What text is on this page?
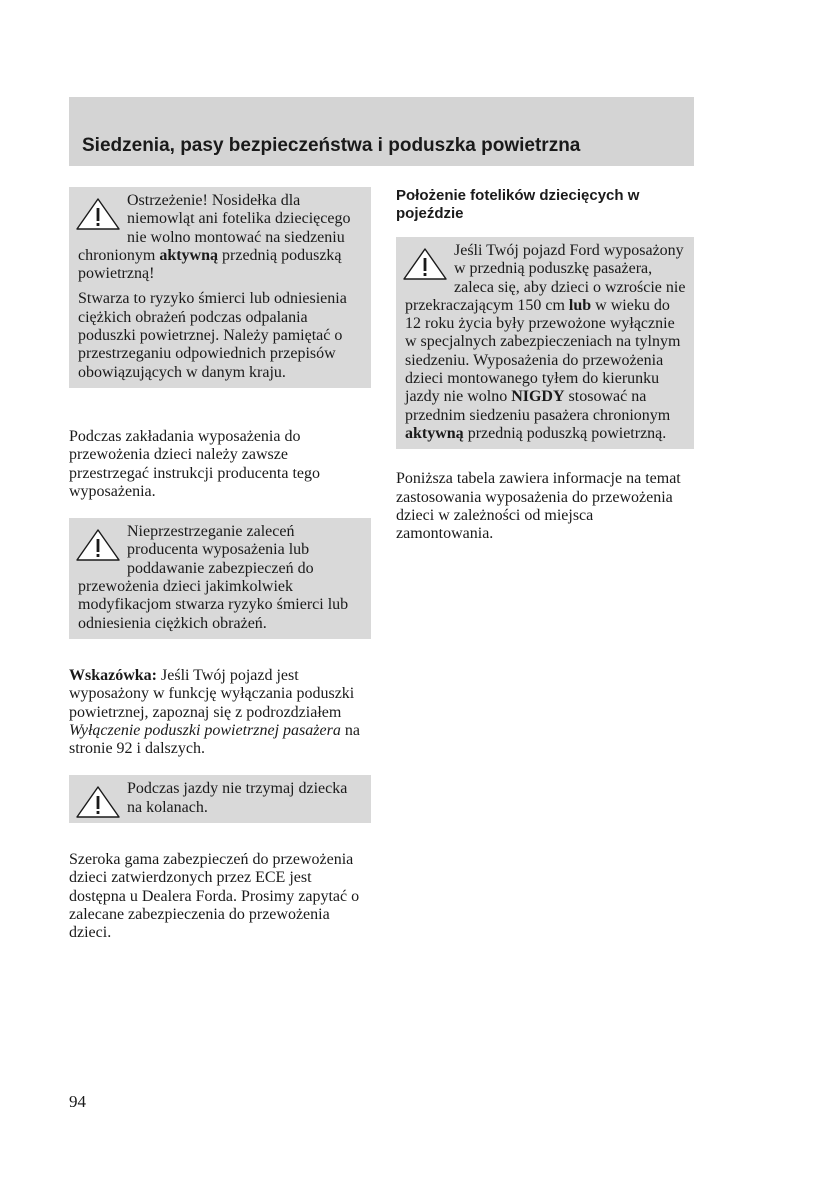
Siedzenia, pasy bezpieczeństwa i poduszka powietrzna

Ostrzeżenie! Nosidełka dla niemowląt ani fotelika dziecięcego nie wolno montować na siedzeniu chronionym aktywną przednią poduszką powietrzną!

Stwarza to ryzyko śmierci lub odniesienia ciężkich obrażeń podczas odpalania poduszki powietrznej. Należy pamiętać o przestrzeganiu odpowiednich przepisów obowiązujących w danym kraju.

Podczas zakładania wyposażenia do przewożenia dzieci należy zawsze przestrzegać instrukcji producenta tego wyposażenia.

Nieprzestrzeganie zaleceń producenta wyposażenia lub poddawanie zabezpieczeń do przewożenia dzieci jakimkolwiek modyfikacjom stwarza ryzyko śmierci lub odniesienia ciężkich obrażeń.

Wskazówka: Jeśli Twój pojazd jest wyposażony w funkcję wyłączania poduszki powietrznej, zapoznaj się z podrozdziałem Wyłączenie poduszki powietrznej pasażera na stronie 92 i dalszych.

Podczas jazdy nie trzymaj dziecka na kolanach.

Szeroka gama zabezpieczeń do przewożenia dzieci zatwierdzonych przez ECE jest dostępna u Dealera Forda. Prosimy zapytać o zalecane zabezpieczenia do przewożenia dzieci.

Położenie fotelików dziecięcych w pojeździe

Jeśli Twój pojazd Ford wyposażony w przednią poduszkę pasażera, zaleca się, aby dzieci o wzroście nie przekraczającym 150 cm lub w wieku do 12 roku życia były przewożone wyłącznie w specjalnych zabezpieczeniach na tylnym siedzeniu. Wyposażenia do przewożenia dzieci montowanego tyłem do kierunku jazdy nie wolno NIGDY stosować na przednim siedzeniu pasażera chronionym aktywną przednią poduszką powietrzną.

Poniższa tabela zawiera informacje na temat zastosowania wyposażenia do przewożenia dzieci w zależności od miejsca zamontowania.

94
